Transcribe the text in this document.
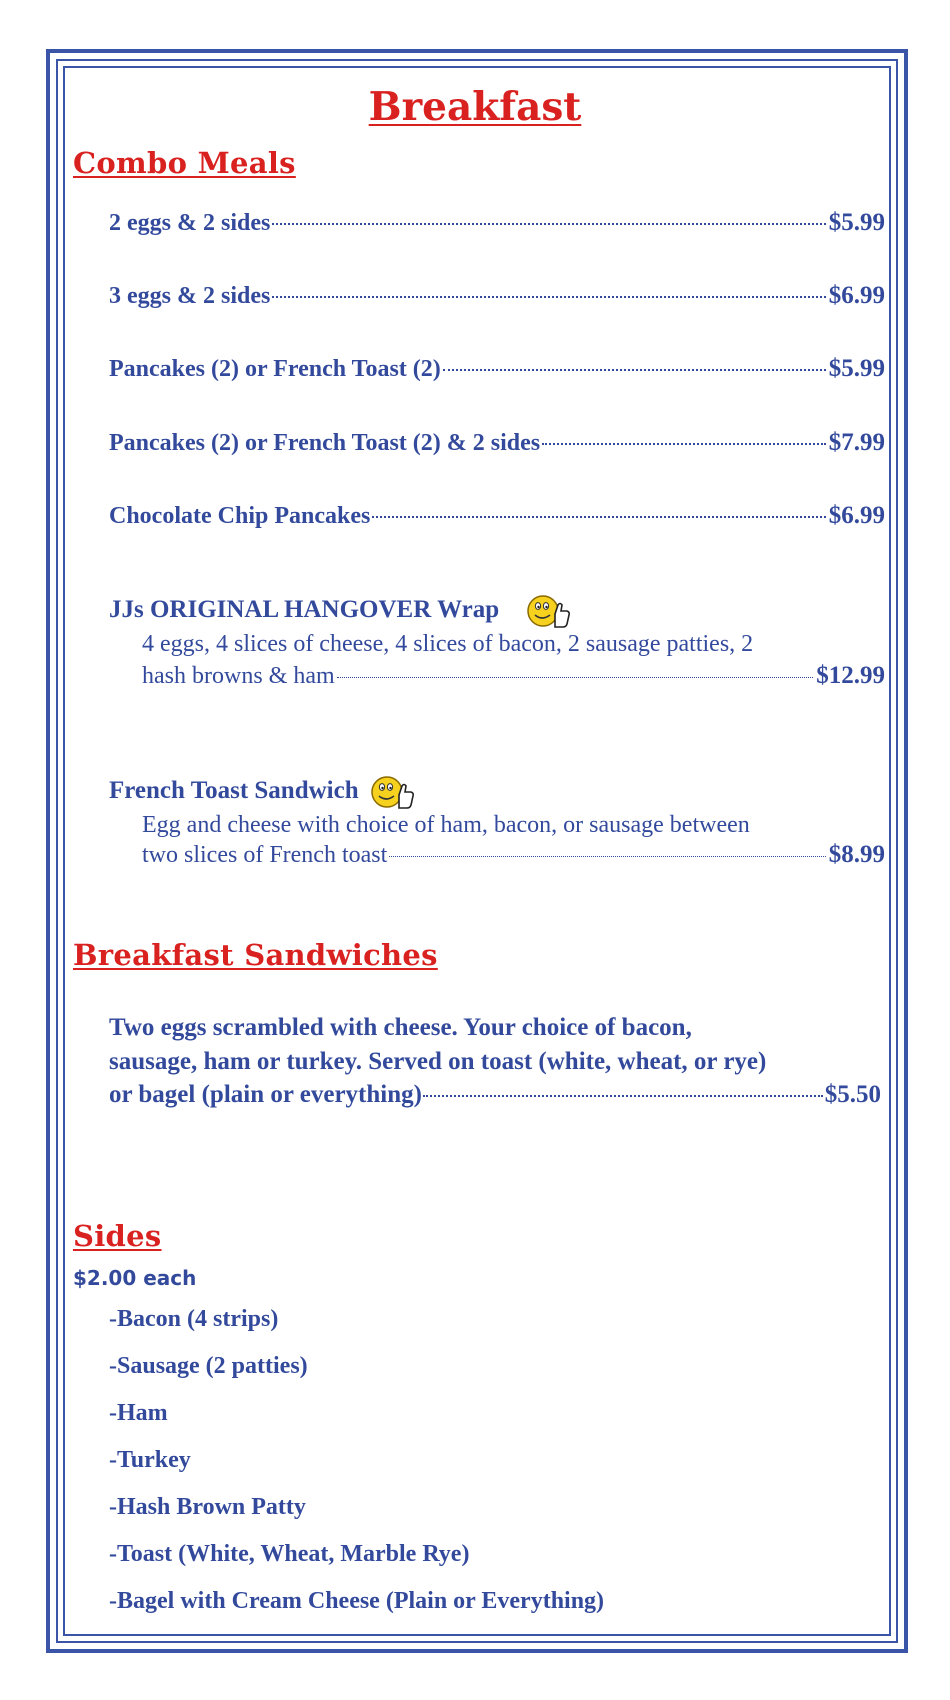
Breakfast
Combo Meals
2 eggs & 2 sides	$5.99
3 eggs & 2 sides	$6.99
Pancakes (2) or French Toast (2)	$5.99
Pancakes (2) or French Toast (2) & 2 sides	$7.99
Chocolate Chip Pancakes	$6.99
JJs ORIGINAL HANGOVER Wrap
4 eggs, 4 slices of cheese, 4 slices of bacon, 2 sausage patties, 2
hash browns & ham	$12.99
French Toast Sandwich
Egg and cheese with choice of ham, bacon, or sausage between
two slices of French toast	$8.99
Breakfast Sandwiches
Two eggs scrambled with cheese. Your choice of bacon,
sausage, ham or turkey. Served on toast (white, wheat, or rye)
or bagel (plain or everything)	$5.50
Sides
$2.00 each
-Bacon (4 strips)
-Sausage (2 patties)
-Ham
-Turkey
-Hash Brown Patty
-Toast (White, Wheat, Marble Rye)
-Bagel with Cream Cheese (Plain or Everything)
